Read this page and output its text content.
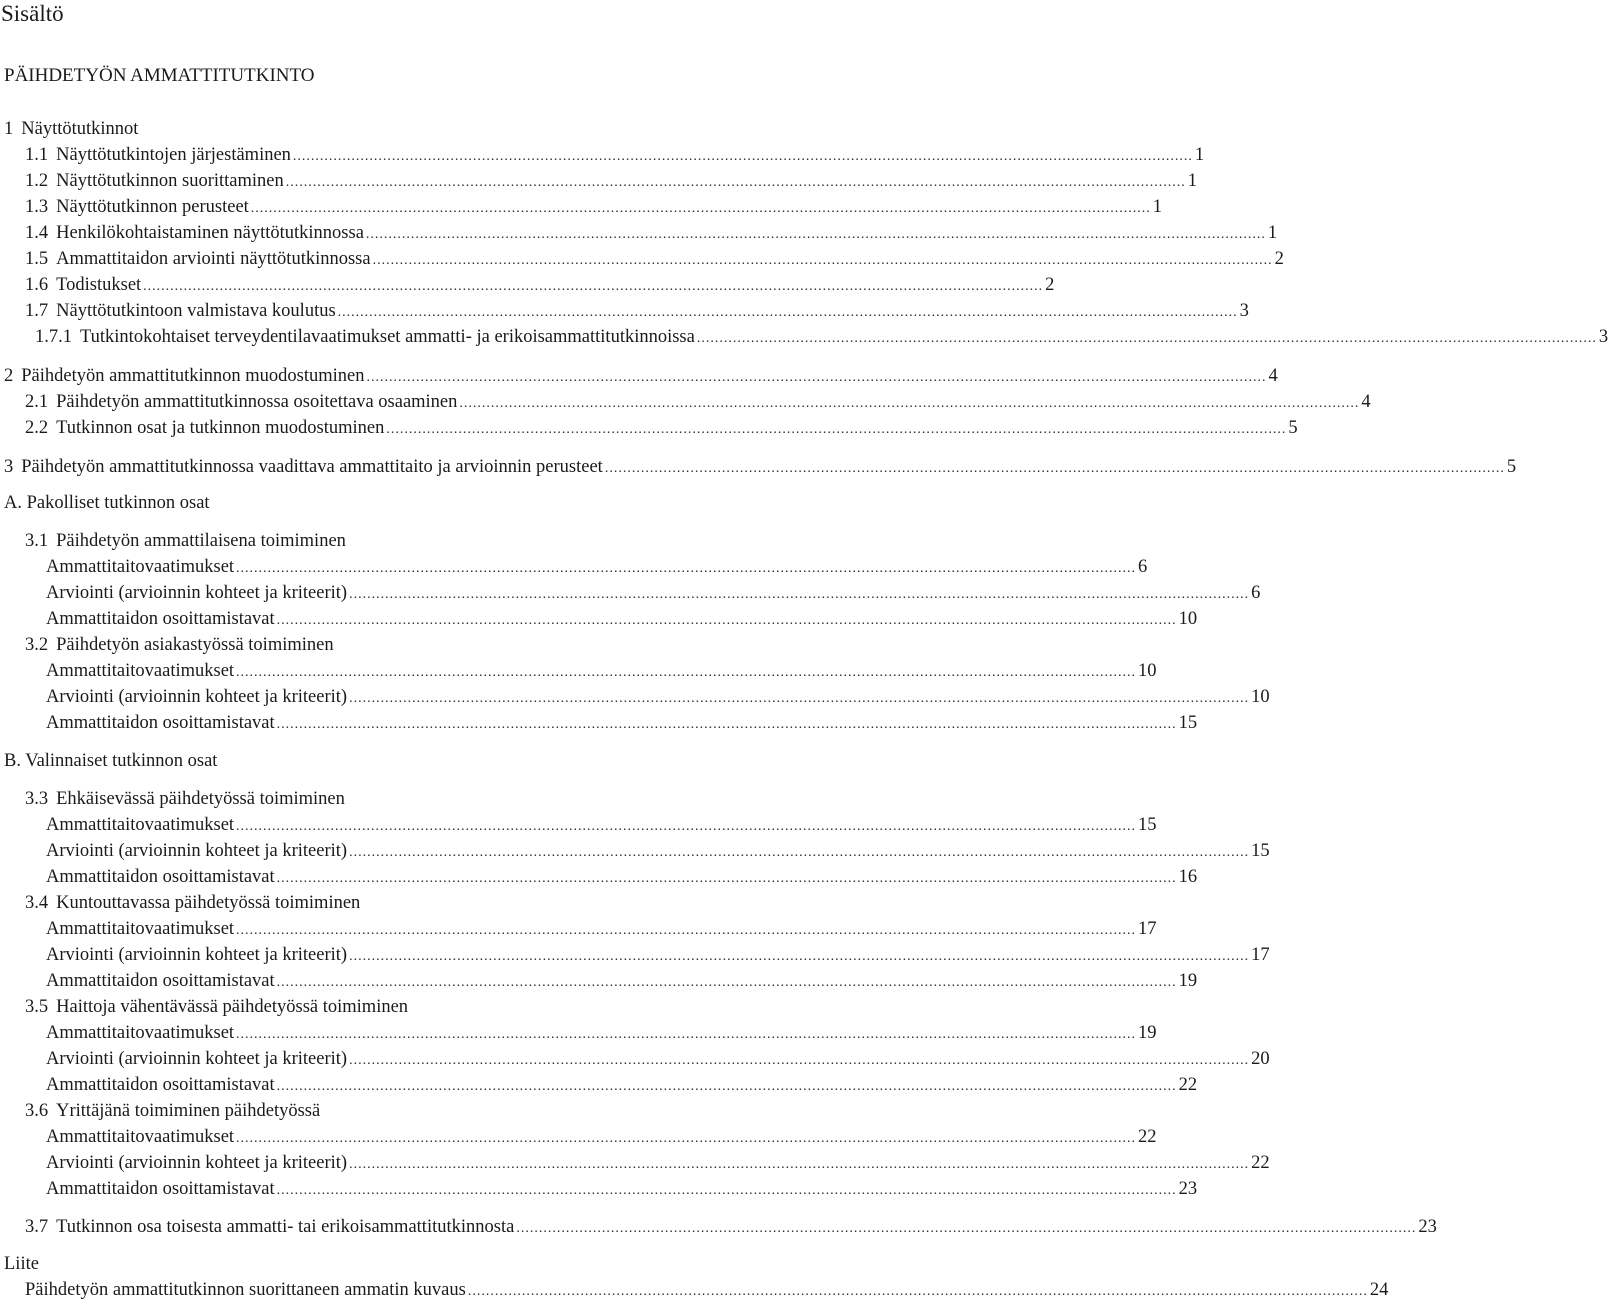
Sisältö
PÄIHDETYÖN AMMATTITUTKINTO
1 Näyttötutkinnot
1.1 Näyttötutkintojen järjestäminen ........................................................................................................................................................................................................ 1
1.2 Näyttötutkinnon suorittaminen ........................................................................................................................................................................................................ 1
1.3 Näyttötutkinnon perusteet ........................................................................................................................................................................................................ 1
1.4 Henkilökohtaistaminen näyttötutkinnossa ........................................................................................................................................................................................................ 1
1.5 Ammattitaidon arviointi näyttötutkinnossa ........................................................................................................................................................................................................ 2
1.6 Todistukset ........................................................................................................................................................................................................ 2
1.7 Näyttötutkintoon valmistava koulutus ........................................................................................................................................................................................................ 3
1.7.1 Tutkintokohtaiset terveydentilavaatimukset ammatti- ja erikoisammattitutkinnoissa ........................................................................................................................................................................................................ 3
2 Päihdetyön ammattitutkinnon muodostuminen ........................................................................................................................................................................................................ 4
2.1 Päihdetyön ammattitutkinnossa osoitettava osaaminen ........................................................................................................................................................................................................ 4
2.2 Tutkinnon osat ja tutkinnon muodostuminen ........................................................................................................................................................................................................ 5
3 Päihdetyön ammattitutkinnossa vaadittava ammattitaito ja arvioinnin perusteet ........................................................................................................................................................................................................ 5
A. Pakolliset tutkinnon osat
3.1 Päihdetyön ammattilaisena toimiminen
Ammattitaitovaatimukset ........................................................................................................................................................................................................ 6
Arviointi (arvioinnin kohteet ja kriteerit) ........................................................................................................................................................................................................ 6
Ammattitaidon osoittamistavat ........................................................................................................................................................................................................ 10
3.2 Päihdetyön asiakastyössä toimiminen
Ammattitaitovaatimukset ........................................................................................................................................................................................................ 10
Arviointi (arvioinnin kohteet ja kriteerit) ........................................................................................................................................................................................................ 10
Ammattitaidon osoittamistavat ........................................................................................................................................................................................................ 15
B. Valinnaiset tutkinnon osat
3.3 Ehkäisevässä päihdetyössä toimiminen
Ammattitaitovaatimukset ........................................................................................................................................................................................................ 15
Arviointi (arvioinnin kohteet ja kriteerit) ........................................................................................................................................................................................................ 15
Ammattitaidon osoittamistavat ........................................................................................................................................................................................................ 16
3.4 Kuntouttavassa päihdetyössä toimiminen
Ammattitaitovaatimukset ........................................................................................................................................................................................................ 17
Arviointi (arvioinnin kohteet ja kriteerit) ........................................................................................................................................................................................................ 17
Ammattitaidon osoittamistavat ........................................................................................................................................................................................................ 19
3.5 Haittoja vähentävässä päihdetyössä toimiminen
Ammattitaitovaatimukset ........................................................................................................................................................................................................ 19
Arviointi (arvioinnin kohteet ja kriteerit) ........................................................................................................................................................................................................ 20
Ammattitaidon osoittamistavat ........................................................................................................................................................................................................ 22
3.6 Yrittäjänä toimiminen päihdetyössä
Ammattitaitovaatimukset ........................................................................................................................................................................................................ 22
Arviointi (arvioinnin kohteet ja kriteerit) ........................................................................................................................................................................................................ 22
Ammattitaidon osoittamistavat ........................................................................................................................................................................................................ 23
3.7 Tutkinnon osa toisesta ammatti- tai erikoisammattitutkinnosta ........................................................................................................................................................................................................ 23
Liite
Päihdetyön ammattitutkinnon suorittaneen ammatin kuvaus ........................................................................................................................................................................................................ 24
